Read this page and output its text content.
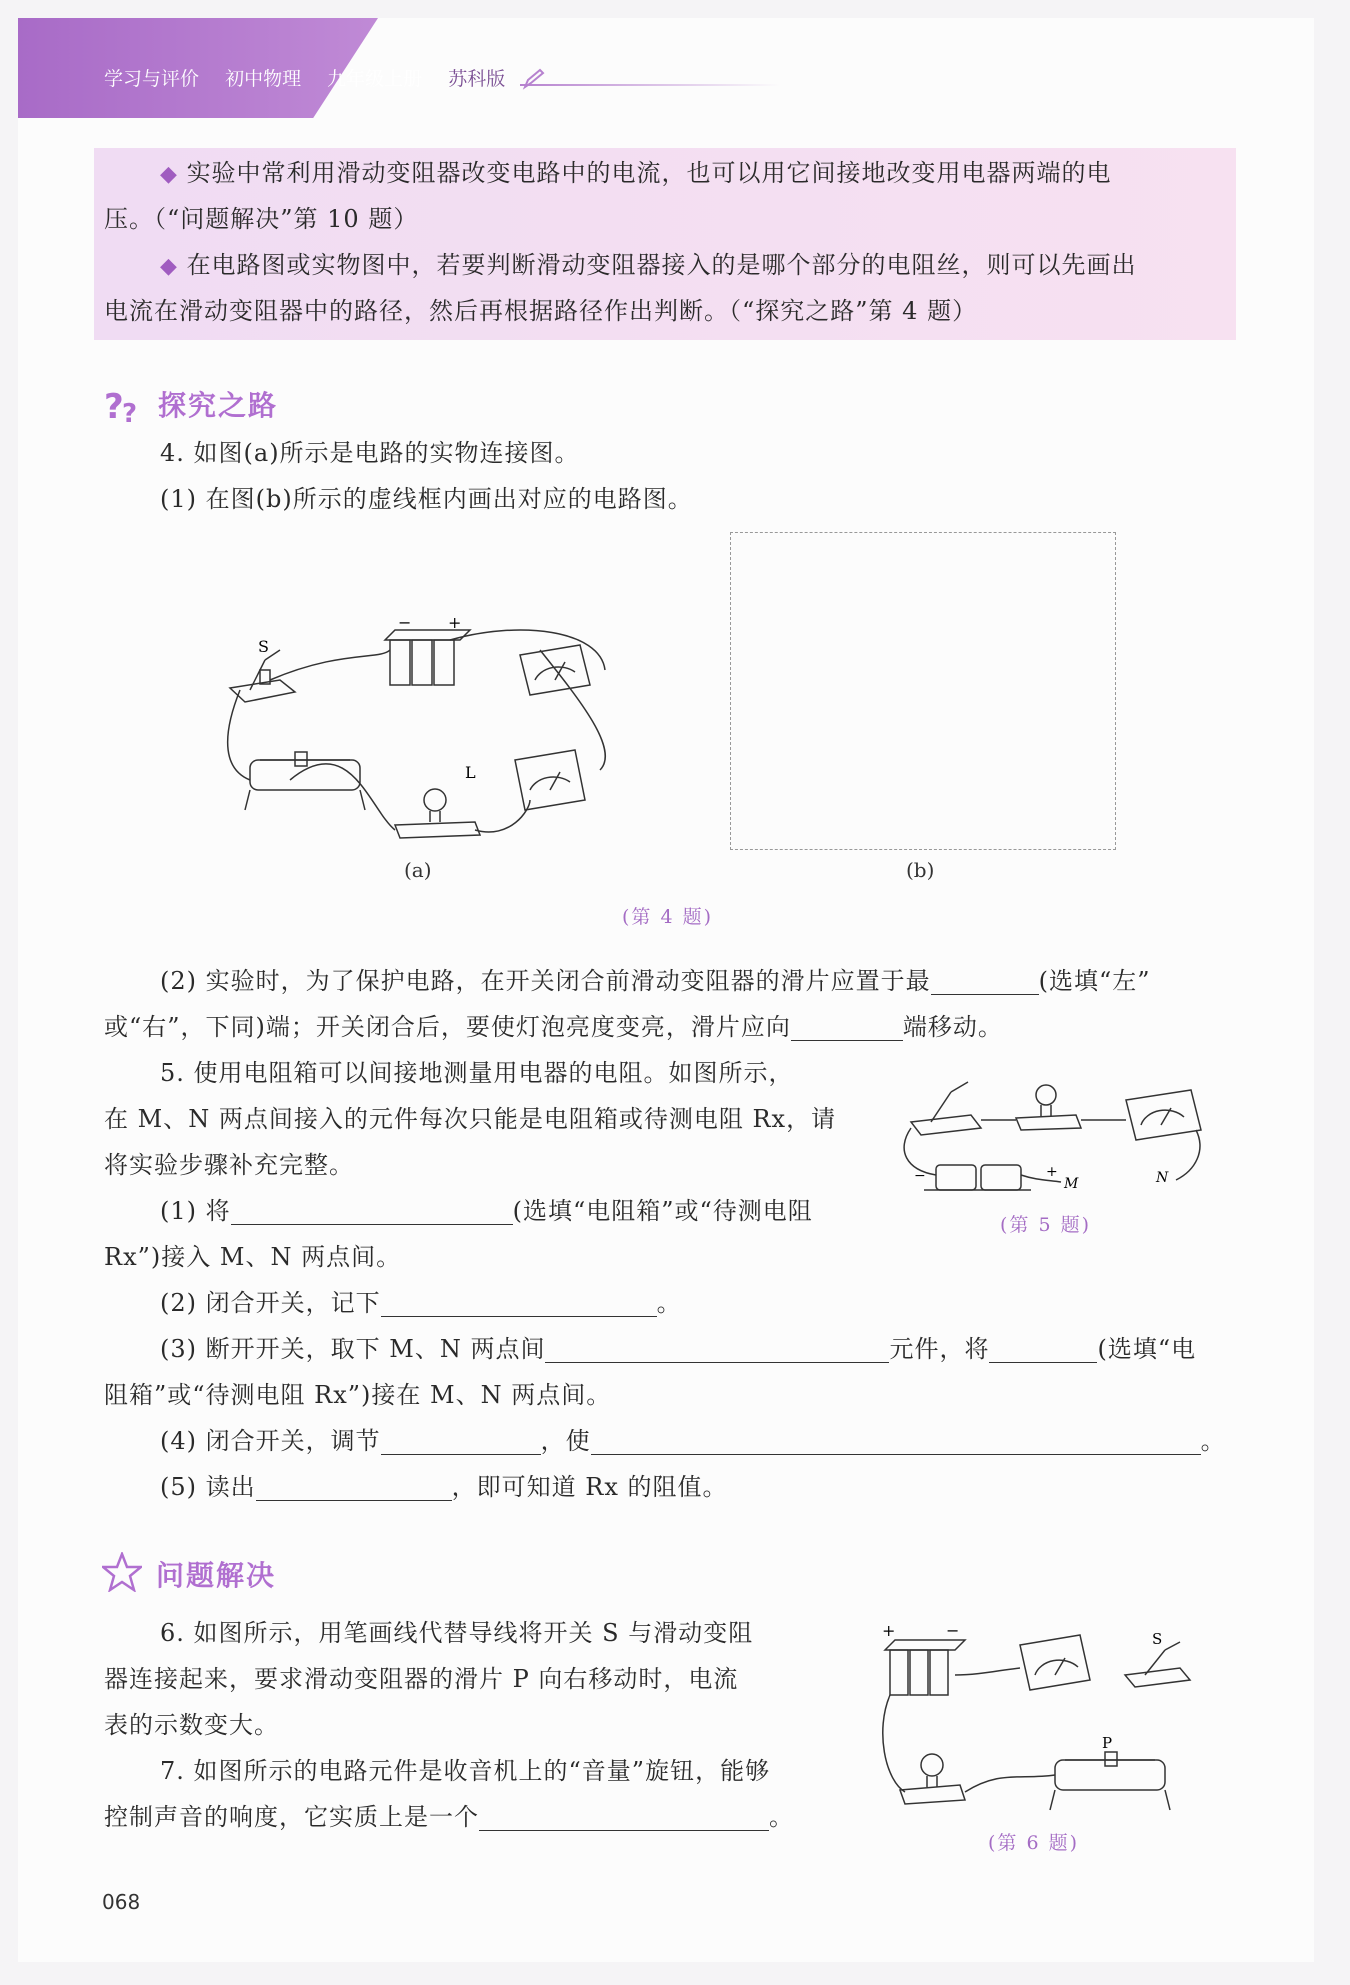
学习与评价 初中物理 九年级上册 苏科版
◆ 实验中常利用滑动变阻器改变电路中的电流，也可以用它间接地改变用电器两端的电
压。（“问题解决”第 10 题）
◆ 在电路图或实物图中，若要判断滑动变阻器接入的是哪个部分的电阻丝，则可以先画出
电流在滑动变阻器中的路径，然后再根据路径作出判断。（“探究之路”第 4 题）
?
? 探究之路
4. 如图(a)所示是电路的实物连接图。
(1) 在图(b)所示的虚线框内画出对应的电路图。
S
− +
L
(a)	(b)
(第 4 题)
(2) 实验时，为了保护电路，在开关闭合前滑动变阻器的滑片应置于最	(选填“左”
或“右”，下同)端；开关闭合后，要使灯泡亮度变亮，滑片应向	端移动。
5. 使用电阻箱可以间接地测量用电器的电阻。如图所示，
在 M、N 两点间接入的元件每次只能是电阻箱或待测电阻 Rx，请
将实验步骤补充完整。
(1) 将	(选填“电阻箱”或“待测电阻
Rx”)接入 M、N 两点间。
(2) 闭合开关，记下	。
(3) 断开开关，取下 M、N 两点间	元件，将	(选填“电
阻箱”或“待测电阻 Rx”)接在 M、N 两点间。
(4) 闭合开关，调节	，使	。
(5) 读出	，即可知道 Rx 的阻值。
+
−	M	N
(第 5 题)
问题解决
6. 如图所示，用笔画线代替导线将开关 S 与滑动变阻
器连接起来，要求滑动变阻器的滑片 P 向右移动时，电流
表的示数变大。
7. 如图所示的电路元件是收音机上的“音量”旋钮，能够
控制声音的响度，它实质上是一个	。
+	−	S
P
(第 6 题)
068
